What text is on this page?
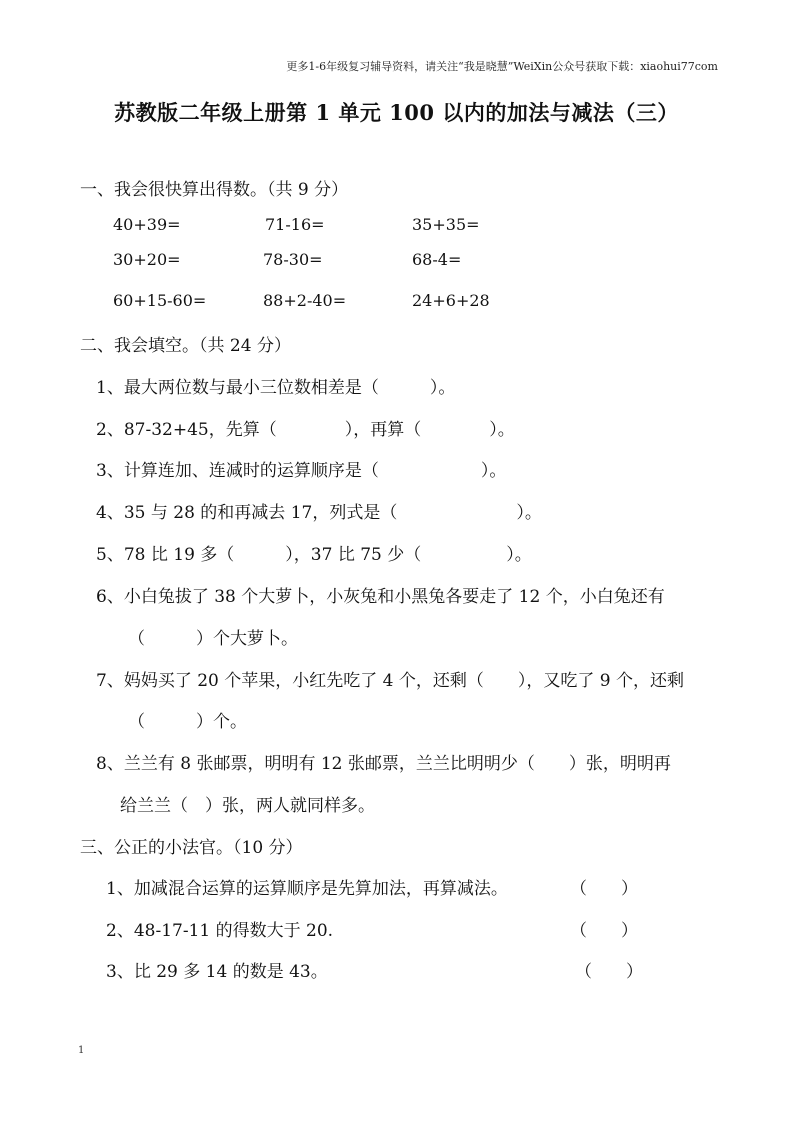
更多1-6年级复习辅导资料，请关注“我是晓慧”WeiXin公众号获取下载：xiaohui77com
苏教版二年级上册第 1 单元 100 以内的加法与减法（三）
一、我会很快算出得数。（共 9 分）
40+39=	71-16=	35+35=
30+20=	78-30=	68-4=
60+15-60=	88+2-40=	24+6+28
二、我会填空。（共 24 分）
1、最大两位数与最小三位数相差是（　　　）。
2、87-32+45，先算（　　　　），再算（　　　　）。
3、计算连加、连减时的运算顺序是（　　　　　　）。
4、35 与 28 的和再减去 17，列式是（　　　　　　　）。
5、78 比 19 多（　　　），37 比 75 少（　　　　　）。
6、小白兔拔了 38 个大萝卜，小灰兔和小黑兔各要走了 12 个，小白兔还有
（　　　）个大萝卜。
7、妈妈买了 20 个苹果，小红先吃了 4 个，还剩（　　），又吃了 9 个，还剩
（　　　）个。
8、兰兰有 8 张邮票，明明有 12 张邮票，兰兰比明明少（　　）张，明明再
给兰兰（　）张，两人就同样多。
三、公正的小法官。（10 分）
1、加减混合运算的运算顺序是先算加法，再算减法。	（　　）
2、48-17-11 的得数大于 20.	（　　）
3、比 29 多 14 的数是 43。	（　　）
1
